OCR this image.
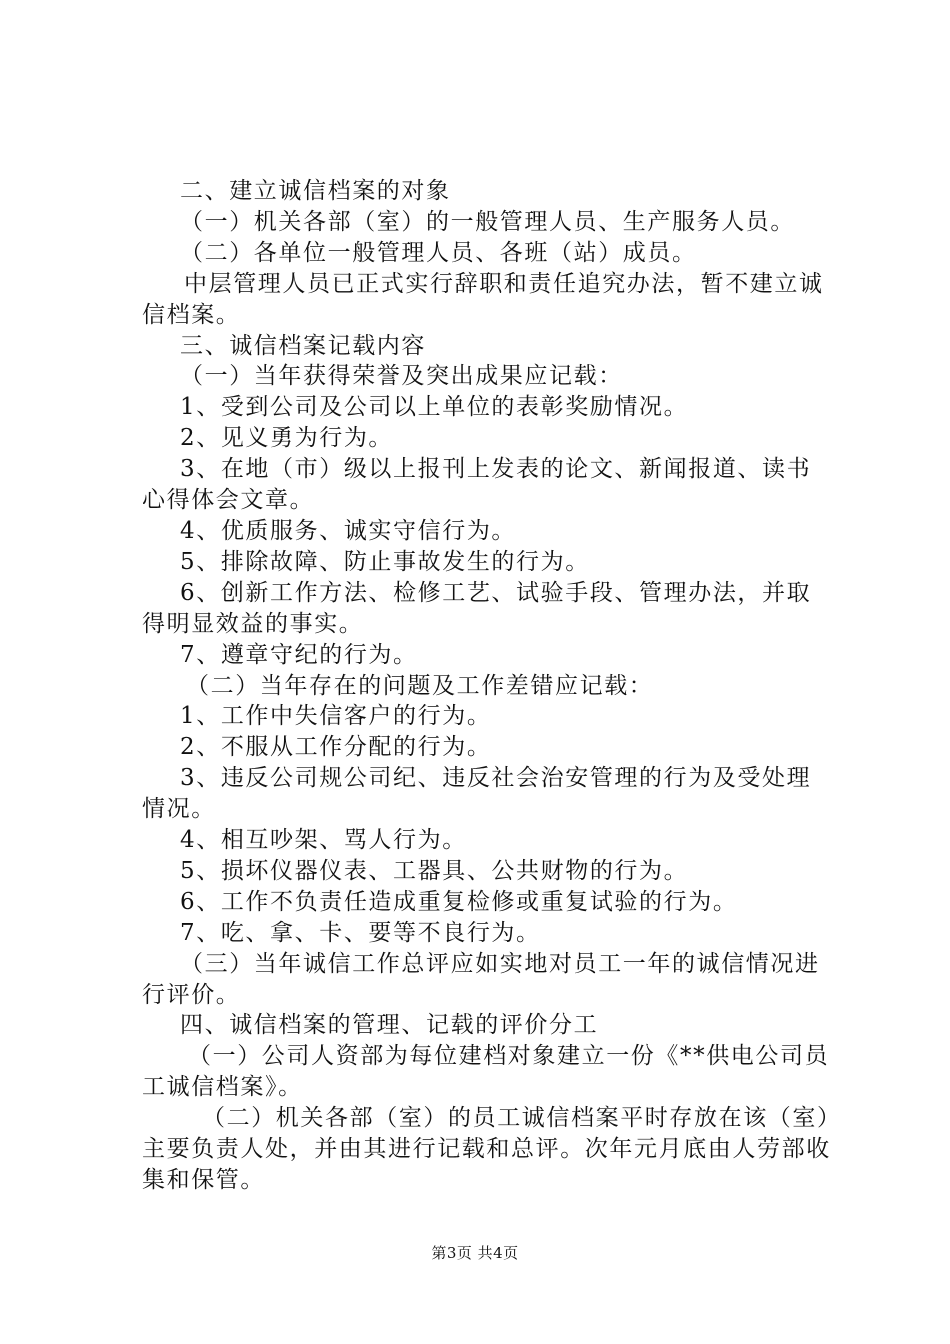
二、建立诚信档案的对象

（一）机关各部（室）的一般管理人员、生产服务人员。

（二）各单位一般管理人员、各班（站）成员。

中层管理人员已正式实行辞职和责任追究办法，暂不建立诚信档案。

三、诚信档案记载内容

（一）当年获得荣誉及突出成果应记载：

1、受到公司及公司以上单位的表彰奖励情况。

2、见义勇为行为。

3、在地（市）级以上报刊上发表的论文、新闻报道、读书心得体会文章。

4、优质服务、诚实守信行为。

5、排除故障、防止事故发生的行为。

6、创新工作方法、检修工艺、试验手段、管理办法，并取得明显效益的事实。

7、遵章守纪的行为。

（二）当年存在的问题及工作差错应记载：

1、工作中失信客户的行为。

2、不服从工作分配的行为。

3、违反公司规公司纪、违反社会治安管理的行为及受处理情况。

4、相互吵架、骂人行为。

5、损坏仪器仪表、工器具、公共财物的行为。

6、工作不负责任造成重复检修或重复试验的行为。

7、吃、拿、卡、要等不良行为。

（三）当年诚信工作总评应如实地对员工一年的诚信情况进行评价。

四、诚信档案的管理、记载的评价分工

（一）公司人资部为每位建档对象建立一份《**供电公司员工诚信档案》。

（二）机关各部（室）的员工诚信档案平时存放在该（室）主要负责人处，并由其进行记载和总评。次年元月底由人劳部收集和保管。

第3页 共4页
